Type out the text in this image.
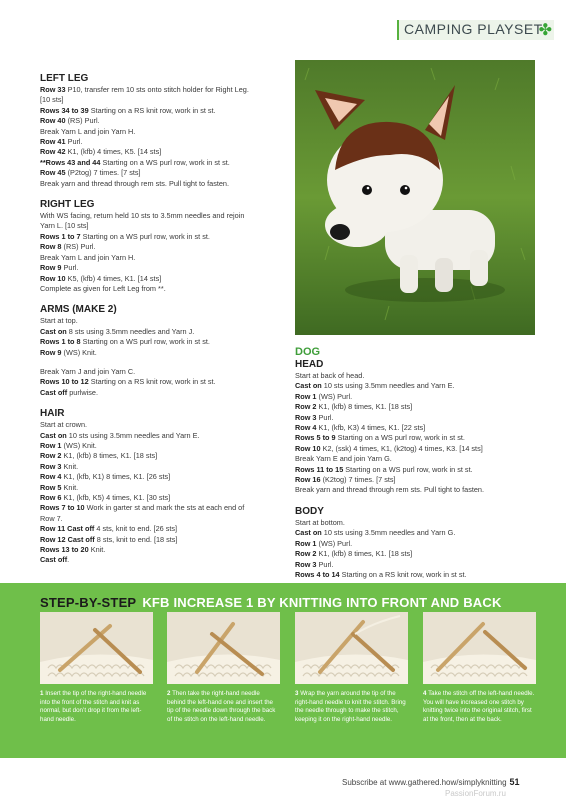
CAMPING PLAYSET
✤

LEFT LEG

Row 33 P10, transfer rem 10 sts onto stitch holder for Right Leg.

[10 sts]

Rows 34 to 39 Starting on a RS knit row, work in st st.

Row 40 (RS) Purl.

Break Yarn L and join Yarn H.

Row 41 Purl.

Row 42 K1, (kfb) 4 times, K5. [14 sts]

**Rows 43 and 44 Starting on a WS purl row, work in st st.

Row 45 (P2tog) 7 times. [7 sts]

Break yarn and thread through rem sts. Pull tight to fasten.

RIGHT LEG

With WS facing, return held 10 sts to 3.5mm needles and rejoin

Yarn L. [10 sts]

Rows 1 to 7 Starting on a WS purl row, work in st st.

Row 8 (RS) Purl.

Break Yarn L and join Yarn H.

Row 9 Purl.

Row 10 K5, (kfb) 4 times, K1. [14 sts]

Complete as given for Left Leg from **.

ARMS (MAKE 2)

Start at top.

Cast on 8 sts using 3.5mm needles and Yarn J.

Rows 1 to 8 Starting on a WS purl row, work in st st.

Row 9 (WS) Knit.

Break Yarn J and join Yarn C.

Rows 10 to 12 Starting on a RS knit row, work in st st.

Cast off purlwise.

HAIR

Start at crown.

Cast on 10 sts using 3.5mm needles and Yarn E.

Row 1 (WS) Knit.

Row 2 K1, (kfb) 8 times, K1. [18 sts]

Row 3 Knit.

Row 4 K1, (kfb, K1) 8 times, K1. [26 sts]

Row 5 Knit.

Row 6 K1, (kfb, K5) 4 times, K1. [30 sts]

Rows 7 to 10 Work in garter st and mark the sts at each end of

Row 7.

Row 11 Cast off 4 sts, knit to end. [26 sts]

Row 12 Cast off 8 sts, knit to end. [18 sts]

Rows 13 to 20 Knit.

Cast off.

DOG

HEAD

Start at back of head.

Cast on 10 sts using 3.5mm needles and Yarn E.

Row 1 (WS) Purl.

Row 2 K1, (kfb) 8 times, K1. [18 sts]

Row 3 Purl.

Row 4 K1, (kfb, K3) 4 times, K1. [22 sts]

Rows 5 to 9 Starting on a WS purl row, work in st st.

Row 10 K2, (ssk) 4 times, K1, (k2tog) 4 times, K3. [14 sts]

Break Yarn E and join Yarn G.

Rows 11 to 15 Starting on a WS purl row, work in st st.

Row 16 (K2tog) 7 times. [7 sts]

Break yarn and thread through rem sts. Pull tight to fasten.

BODY

Start at bottom.

Cast on 10 sts using 3.5mm needles and Yarn G.

Row 1 (WS) Purl.

Row 2 K1, (kfb) 8 times, K1. [18 sts]

Row 3 Purl.

Rows 4 to 14 Starting on a RS knit row, work in st st.

STEP-BY-STEP KFB INCREASE 1 BY KNITTING INTO FRONT AND BACK
1 Insert the tip of the right-hand needle into the front of the stitch and knit as normal, but don’t drop it from the left-hand needle.
2 Then take the right-hand needle behind the left-hand one and insert the tip of the needle down through the back of the stitch on the left-hand needle.
3 Wrap the yarn around the tip of the right-hand needle to knit the stitch. Bring the needle through to make the stitch, keeping it on the right-hand needle.
4 Take the stitch off the left-hand needle. You will have increased one stitch by knitting twice into the original stitch, first at the front, then at the back.
Subscribe at www.gathered.how/simplyknitting 51
PassionForum.ru
